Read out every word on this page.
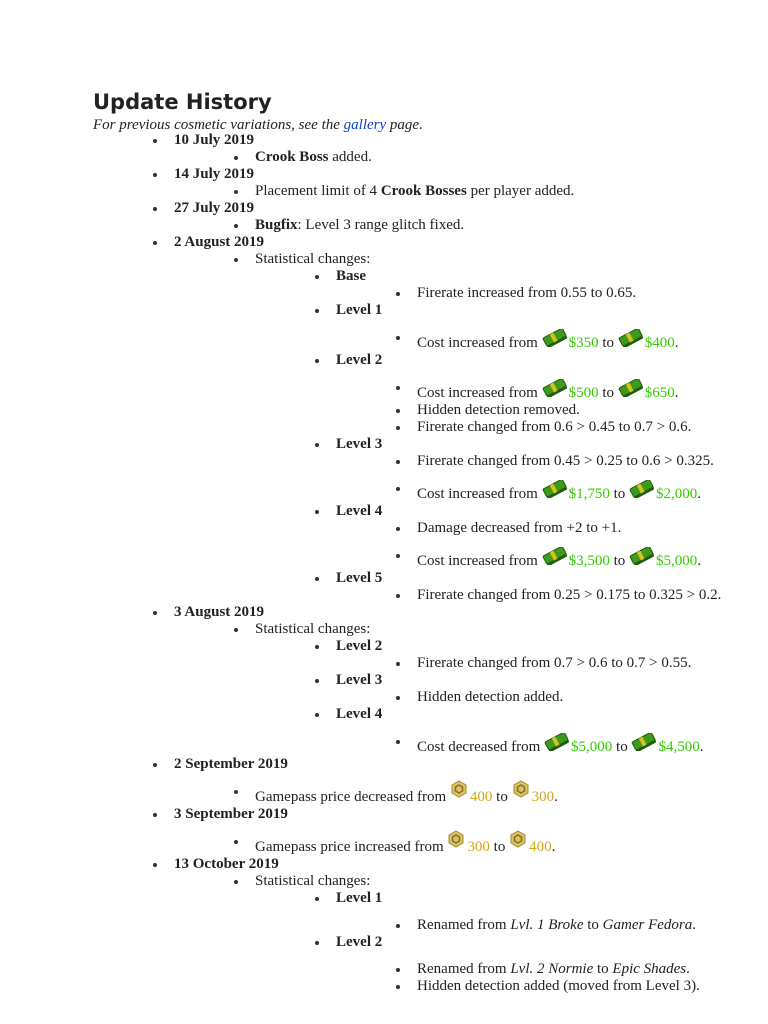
Update History

For previous cosmetic variations, see the gallery page.

10 July 2019
Crook Boss added.
14 July 2019
Placement limit of 4 Crook Bosses per player added.
27 July 2019
Bugfix: Level 3 range glitch fixed.
2 August 2019
Statistical changes:
Base
Firerate increased from 0.55 to 0.65.
Level 1
Cost increased from $350 to $400.
Level 2
Cost increased from $500 to $650.
Hidden detection removed.
Firerate changed from 0.6 > 0.45 to 0.7 > 0.6.
Level 3
Firerate changed from 0.45 > 0.25 to 0.6 > 0.325.
Cost increased from $1,750 to $2,000.
Level 4
Damage decreased from +2 to +1.
Cost increased from $3,500 to $5,000.
Level 5
Firerate changed from 0.25 > 0.175 to 0.325 > 0.2.
3 August 2019
Statistical changes:
Level 2
Firerate changed from 0.7 > 0.6 to 0.7 > 0.55.
Level 3
Hidden detection added.
Level 4
Cost decreased from $5,000 to $4,500.
2 September 2019
Gamepass price decreased from 400 to 300.
3 September 2019
Gamepass price increased from 300 to 400.
13 October 2019
Statistical changes:
Level 1
Renamed from Lvl. 1 Broke to Gamer Fedora.
Level 2
Renamed from Lvl. 2 Normie to Epic Shades.
Hidden detection added (moved from Level 3).
